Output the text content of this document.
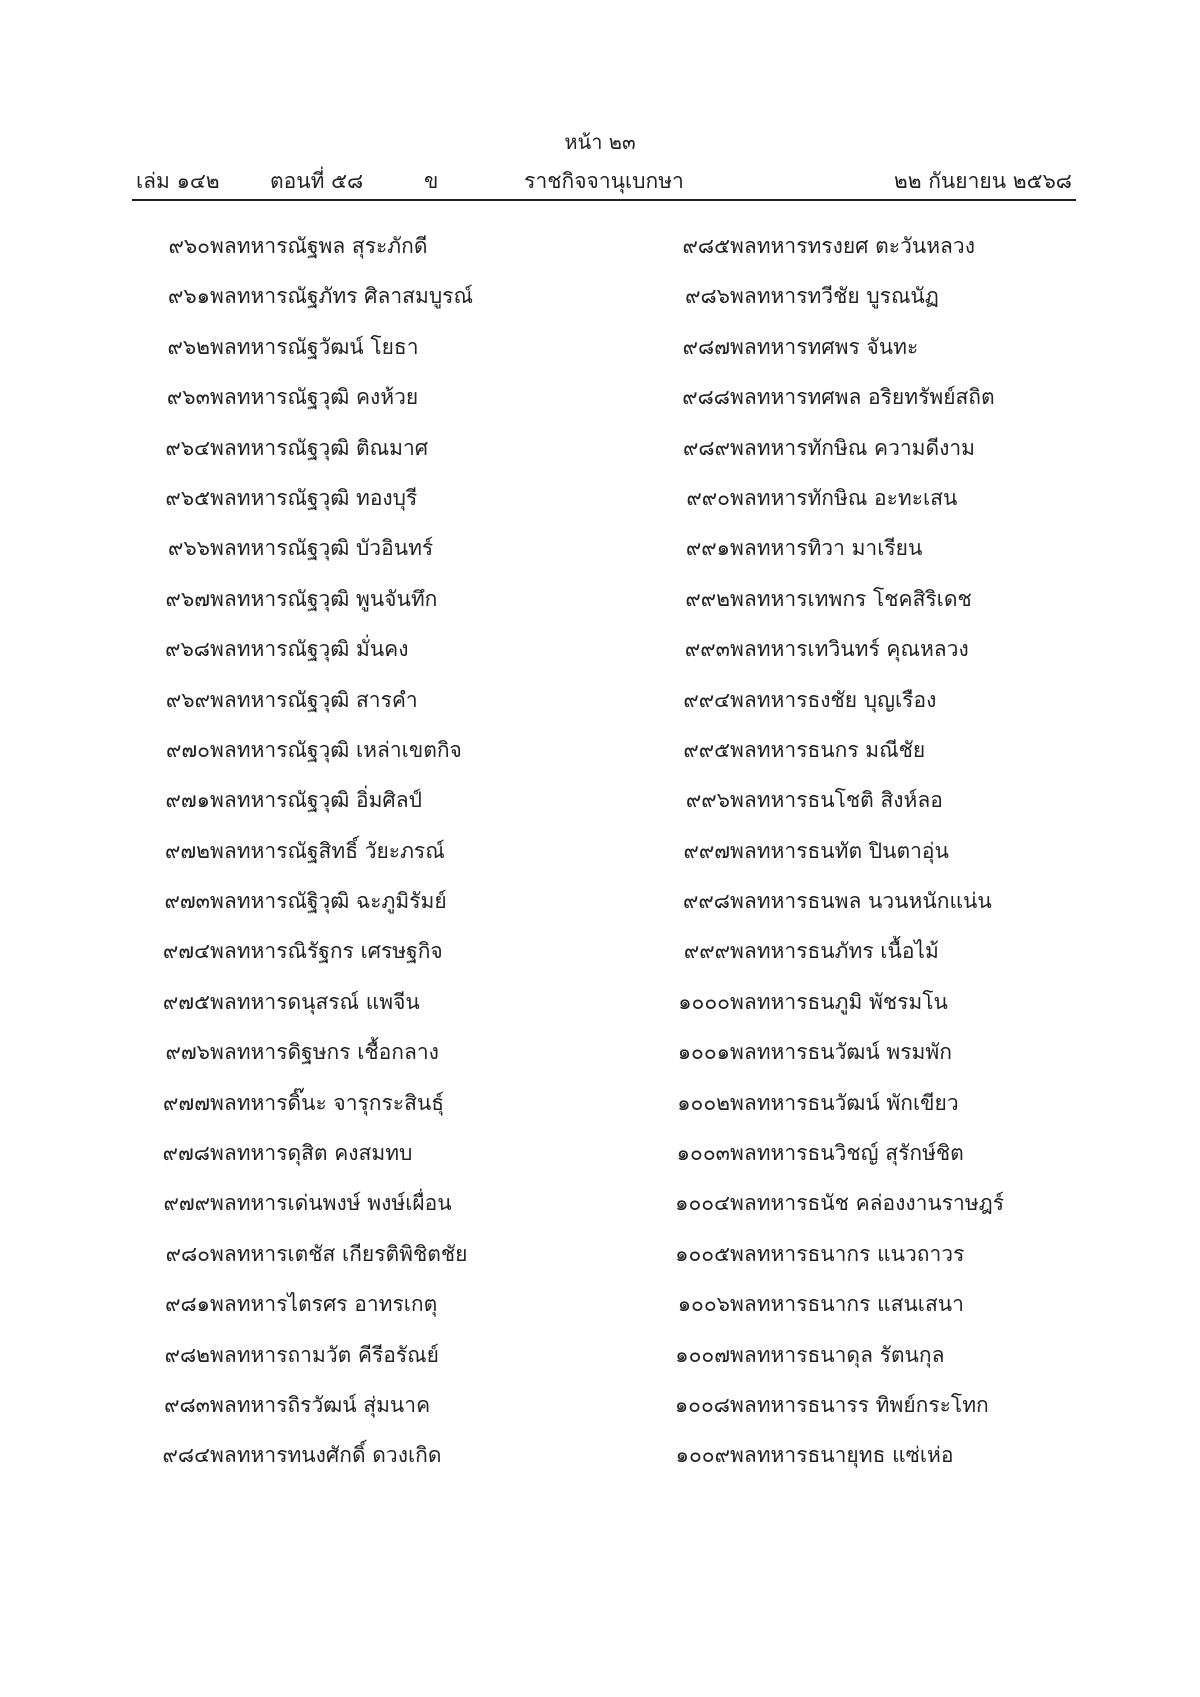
หน้า ๒๓
เล่ม ๑๔๒ ตอนที่ ๕๘	ข	ราชกิจจานุเบกษา	๒๒ กันยายน ๒๕๖๘
๙๖๐ พลทหารณัฐพล สุระภักดี
๙๖๑ พลทหารณัฐภัทร ศิลาสมบูรณ์
๙๖๒ พลทหารณัฐวัฒน์ โยธา
๙๖๓ พลทหารณัฐวุฒิ คงห้วย
๙๖๔ พลทหารณัฐวุฒิ ติณมาศ
๙๖๕ พลทหารณัฐวุฒิ ทองบุรี
๙๖๖ พลทหารณัฐวุฒิ บัวอินทร์
๙๖๗ พลทหารณัฐวุฒิ พูนจันทึก
๙๖๘ พลทหารณัฐวุฒิ มั่นคง
๙๖๙ พลทหารณัฐวุฒิ สารคำ
๙๗๐ พลทหารณัฐวุฒิ เหล่าเขตกิจ
๙๗๑ พลทหารณัฐวุฒิ อิ่มศิลป์
๙๗๒ พลทหารณัฐสิทธิ์ วัยะภรณ์
๙๗๓ พลทหารณัฐิวุฒิ ฉะภูมิรัมย์
๙๗๔ พลทหารณิรัฐกร เศรษฐกิจ
๙๗๕ พลทหารดนุสรณ์ แพจีน
๙๗๖ พลทหารดิฐษกร เชื้อกลาง
๙๗๗ พลทหารดิ๊นะ จารุกระสินธุ์
๙๗๘ พลทหารดุสิต คงสมทบ
๙๗๙ พลทหารเด่นพงษ์ พงษ์เผื่อน
๙๘๐ พลทหารเตชัส เกียรติพิชิตชัย
๙๘๑ พลทหารไตรศร อาทรเกตุ
๙๘๒ พลทหารถามวัต คีรีอรัณย์
๙๘๓ พลทหารถิรวัฒน์ สุ่มนาค
๙๘๔ พลทหารทนงศักดิ์ ดวงเกิด
๙๘๕ พลทหารทรงยศ ตะวันหลวง
๙๘๖ พลทหารทวีชัย บูรณนัฏ
๙๘๗ พลทหารทศพร จันทะ
๙๘๘ พลทหารทศพล อริยทรัพย์สถิต
๙๘๙ พลทหารทักษิณ ความดีงาม
๙๙๐ พลทหารทักษิณ อะทะเสน
๙๙๑ พลทหารทิวา มาเรียน
๙๙๒ พลทหารเทพกร โชคสิริเดช
๙๙๓ พลทหารเทวินทร์ คุณหลวง
๙๙๔ พลทหารธงชัย บุญเรือง
๙๙๕ พลทหารธนกร มณีชัย
๙๙๖ พลทหารธนโชติ สิงห์ลอ
๙๙๗ พลทหารธนทัต ปินตาอุ่น
๙๙๘ พลทหารธนพล นวนหนักแน่น
๙๙๙ พลทหารธนภัทร เนื้อไม้
๑๐๐๐ พลทหารธนภูมิ พัชรมโน
๑๐๐๑ พลทหารธนวัฒน์ พรมพัก
๑๐๐๒ พลทหารธนวัฒน์ พักเขียว
๑๐๐๓ พลทหารธนวิชญ์ สุรักษ์ชิต
๑๐๐๔ พลทหารธนัช คล่องงานราษฎร์
๑๐๐๕ พลทหารธนากร แนวถาวร
๑๐๐๖ พลทหารธนากร แสนเสนา
๑๐๐๗ พลทหารธนาดุล รัตนกุล
๑๐๐๘ พลทหารธนารร ทิพย์กระโทก
๑๐๐๙ พลทหารธนายุทธ แซ่เห่อ
